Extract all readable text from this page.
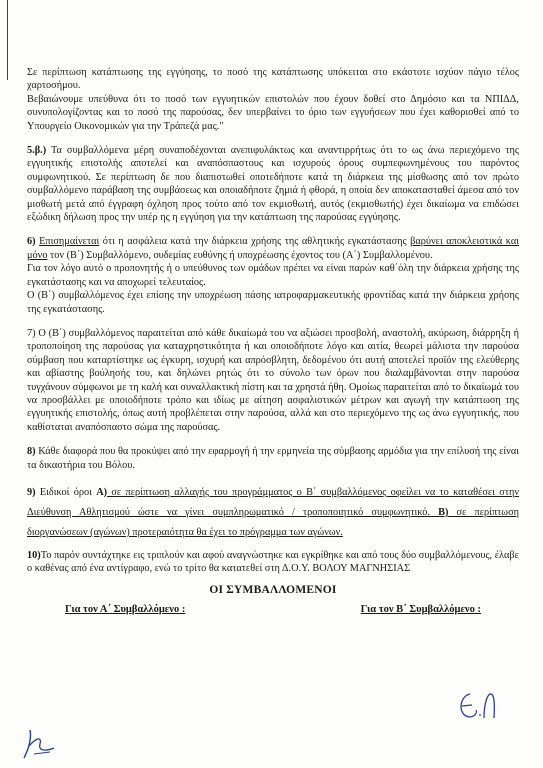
Σε περίπτωση κατάπτωσης της εγγύησης, το ποσό της κατάπτωσης υπόκειται στο εκάστοτε ισχύον πάγιο τέλος χαρτοσήμου.

Βεβαιώνουμε υπεύθυνα ότι το ποσό των εγγυητικών επιστολών που έχουν δοθεί στο Δημόσιο και τα ΝΠΙΔΔ, συνυπολογίζοντας και το ποσό της παρούσας, δεν υπερβαίνει το όριο των εγγυήσεων που έχει καθορισθεί από το Υπουργείο Οικονομικών για την Τράπεζά μας."

5.β.) Τα συμβαλλόμενα μέρη συναποδέχονται ανεπιφυλάκτως και αναντιρρήτως ότι το ως άνω περιεχόμενο της εγγυητικής επιστολής αποτελεί και αναπόσπαστους και ισχυρούς όρους συμπεφωνημένους του παρόντος συμφωνητικού. Σε περίπτωση δε που διαπιστωθεί οποτεδήποτε κατά τη διάρκεια της μίσθωσης από τον πρώτο συμβαλλόμενο παράβαση της συμβάσεως και οποιαδήποτε ζημιά ή φθορά, η οποία δεν αποκατασταθεί άμεσα από τον μισθωτή μετά από έγγραφη όχληση προς τούτο από τον εκμισθωτή, αυτός (εκμισθωτής) έχει δικαίωμα να επιδώσει εξώδικη δήλωση προς την υπέρ ης η εγγύηση για την κατάπτωση της παρούσας εγγύησης.

6) Επισημαίνεται ότι η ασφάλεια κατά την διάρκεια χρήσης της αθλητικής εγκατάστασης βαρύνει αποκλειστικά και μόνο τον (Β΄) Συμβαλλόμενο, ουδεμίας ευθύνης ή υποχρέωσης έχοντος του (Α΄) Συμβαλλομένου.

Για τον λόγο αυτό ο προπονητής ή ο υπεύθυνος των ομάδων πρέπει να είναι παρών καθ΄όλη την διάρκεια χρήσης της εγκατάστασης και να αποχωρεί τελευταίος.

Ο (Β΄) συμβαλλόμενος έχει επίσης την υποχρέωση πάσης ιατροφαρμακευτικής φροντίδας κατά την διάρκεια χρήσης της εγκατάστασης.

7) Ο (Β΄) συμβαλλόμενος παραιτείται από κάθε δικαίωμά του να αξιώσει προσβολή, αναστολή, ακύρωση, διάρρηξη ή τροποποίηση της παρούσας για καταχρηστικότητα ή και οποιοδήποτε λόγο και αιτία, θεωρεί μάλιστα την παρούσα σύμβαση που καταρτίστηκε ως έγκυρη, ισχυρή και απρόσβλητη, δεδομένου ότι αυτή αποτελεί προϊόν της ελεύθερης και αβίαστης βούλησής του, και δηλώνει ρητώς ότι το σύνολο των όρων που διαλαμβάνονται στην παρούσα τυγχάνουν σύμφωνοι με τη καλή και συναλλακτική πίστη και τα χρηστά ήθη. Ομοίως παραιτείται από το δικαίωμά του να προσβάλλει με οποιοδήποτε τρόπο και ιδίως με αίτηση ασφαλιστικών μέτρων και αγωγή την κατάπτωση της εγγυητικής επιστολής, όπως αυτή προβλέπεται στην παρούσα, αλλά και στο περιεχόμενο της ως άνω εγγυητικής, που καθίσταται αναπόσπαστο σώμα της παρούσας.

8) Κάθε διαφορά που θα προκύψει από την εφαρμογή ή την ερμηνεία της σύμβασης αρμόδια για την επίλυσή της είναι τα δικαστήρια του Βόλου.

9) Ειδικοί όροι Α) σε περίπτωση αλλαγής του προγράμματος ο Β΄ συμβαλλόμενος οφείλει να το καταθέσει στην Διεύθυνση Αθλητισμού ώστε να γίνει συμπληρωματικό / τροποποιητικό συμφωνητικό. Β) σε περίπτωση διοργανώσεων (αγώνων) προτεραιότητα θα έχει το πρόγραμμα των αγώνων.

10)Το παρόν συντάχτηκε εις τριπλούν και αφού αναγνώστηκε και εγκρίθηκε και από τους δύο συμβαλλόμενους, έλαβε ο καθένας από ένα αντίγραφο, ενώ το τρίτο θα κατατεθεί στη Δ.Ο.Υ. ΒΟΛΟΥ ΜΑΓΝΗΣΙΑΣ

ΟΙ ΣΥΜΒΑΛΛΟΜΕΝΟΙ
Για τον Α΄ Συμβαλλόμενο :	Για τον Β΄ Συμβαλλόμενο :
